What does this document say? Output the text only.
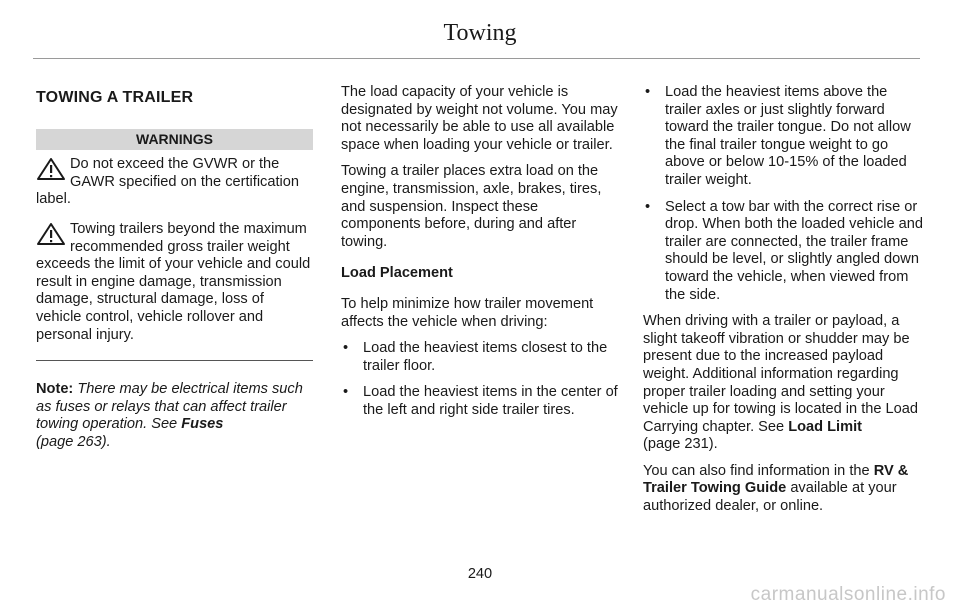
Towing
TOWING A TRAILER
WARNINGS
Do not exceed the GVWR or the GAWR specified on the certification label.
Towing trailers beyond the maximum recommended gross trailer weight exceeds the limit of your vehicle and could result in engine damage, transmission damage, structural damage, loss of vehicle control, vehicle rollover and personal injury.

Note: There may be electrical items such as fuses or relays that can affect trailer towing operation. See Fuses
(page 263).

The load capacity of your vehicle is designated by weight not volume. You may not necessarily be able to use all available space when loading your vehicle or trailer.

Towing a trailer places extra load on the engine, transmission, axle, brakes, tires, and suspension. Inspect these components before, during and after towing.

Load Placement

To help minimize how trailer movement affects the vehicle when driving:

• Load the heaviest items closest to the trailer floor.
• Load the heaviest items in the center of the left and right side trailer tires.
• Load the heaviest items above the trailer axles or just slightly forward toward the trailer tongue. Do not allow the final trailer tongue weight to go above or below 10-15% of the loaded trailer weight.
• Select a tow bar with the correct rise or drop. When both the loaded vehicle and trailer are connected, the trailer frame should be level, or slightly angled down toward the vehicle, when viewed from the side.

When driving with a trailer or payload, a slight takeoff vibration or shudder may be present due to the increased payload weight. Additional information regarding proper trailer loading and setting your vehicle up for towing is located in the Load Carrying chapter. See Load Limit
(page 231).

You can also find information in the RV & Trailer Towing Guide available at your authorized dealer, or online.

240
carmanualsonline.info
